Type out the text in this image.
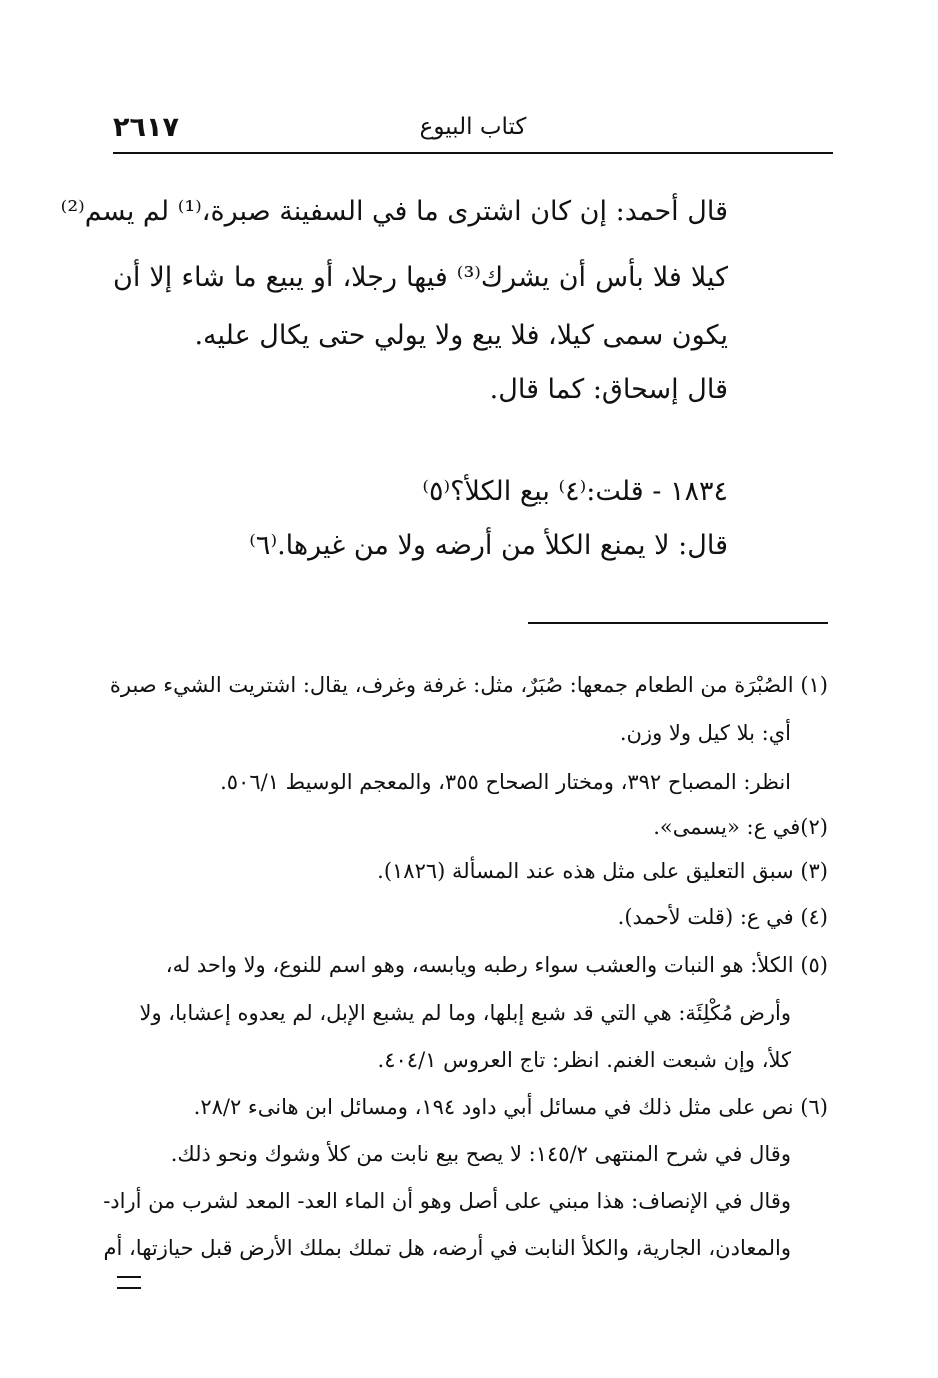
٢٦١٧	كتاب البيوع
قال أحمد: إن كان اشترى ما في السفينة صبرة،⁽¹⁾ لم يسم⁽²⁾
كيلا فلا بأس أن يشرك⁽³⁾ فيها رجلا، أو يبيع ما شاء إلا أن
يكون سمى كيلا، فلا يبع ولا يولي حتى يكال عليه.
قال إسحاق: كما قال.
١٨٣٤ - قلت:⁽٤⁾ بيع الكلأ؟⁽٥⁾
قال: لا يمنع الكلأ من أرضه ولا من غيرها.⁽٦⁾
(١) الصُبْرَة من الطعام جمعها: صُبَرٌ، مثل: غرفة وغرف، يقال: اشتريت الشيء صبرة
أي: بلا كيل ولا وزن.
انظر: المصباح ٣٩٢، ومختار الصحاح ٣٥٥، والمعجم الوسيط ٥٠٦/١.
(٢)في ع: «يسمى».
(٣) سبق التعليق على مثل هذه عند المسألة (١٨٢٦).
(٤) في ع: (قلت لأحمد).
(٥) الكلأ: هو النبات والعشب سواء رطبه ويابسه، وهو اسم للنوع، ولا واحد له،
وأرض مُكْلِئَة: هي التي قد شبع إبلها، وما لم يشبع الإبل، لم يعدوه إعشابا، ولا
كلأ، وإن شبعت الغنم. انظر: تاج العروس ٤٠٤/١.
(٦) نص على مثل ذلك في مسائل أبي داود ١٩٤، ومسائل ابن هانىء ٢٨/٢.
وقال في شرح المنتهى ١٤٥/٢: لا يصح بيع نابت من كلأ وشوك ونحو ذلك.
وقال في الإنصاف: هذا مبني على أصل وهو أن الماء العد- المعد لشرب من أراد-
والمعادن، الجارية، والكلأ النابت في أرضه، هل تملك بملك الأرض قبل حيازتها، أم
